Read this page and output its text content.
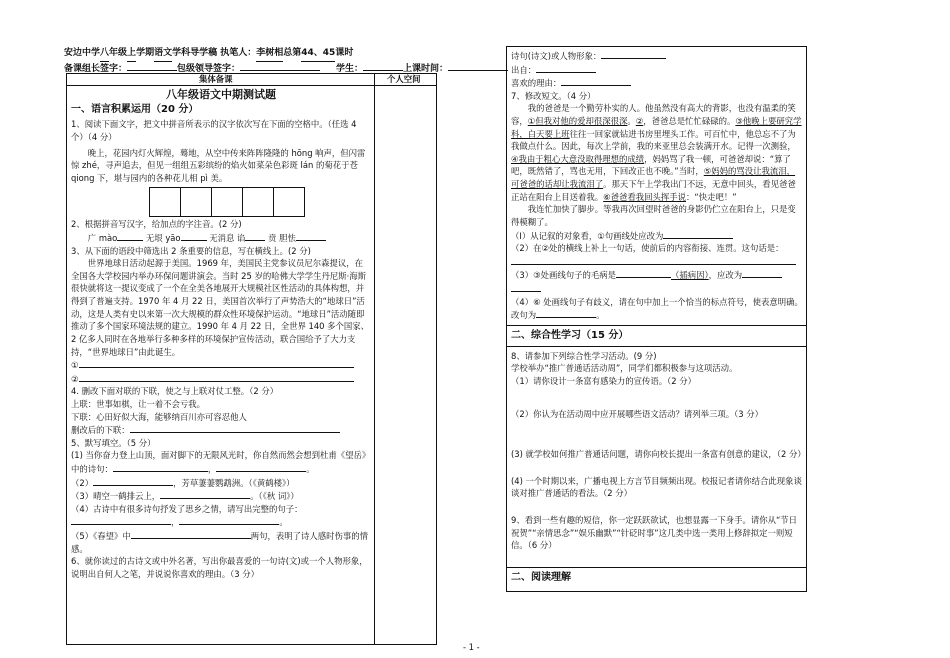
安边中学八年级上学期语文学科导学稿 执笔人：李树相总第44、45课时
备课组长签字：	包级领导签字：	学生：	上课时间：
集体备课	个人空间
八年级语文中期测试题
一、语言积累运用（20 分）

1、阅读下面文字，把文中拼音所表示的汉字依次写在下面的空格中。（任选 4 个）（4 分）

晚上，花园内灯火辉煌，蓦地，从空中传来阵阵隆隆的 hōng 响声，但闪雷惊 zhé，寻声追去，但见一组组五彩缤纷的焰火如菜朵色彩斑 lán 的菊花于苍 qiong 下，堪与园内的各种花儿相 pì 美。

2、根据拼音写汉字，给加点的字注音。(2 分)

广 mào	无垠 yāo	无消息 谄	贲 胆怯

3、从下面的语段中筛选出 2 条重要的信息，写在横线上。(2 分)

世界地球日活动起源于美国。1969 年，美国民主党参议员尼尔森提议，在全国各大学校园内举办环保问题讲演会。当时 25 岁的哈佛大学学生丹尼斯·海斯很快就将这一提议变成了一个在全美各地展开大规模社区性活动的具体构想，并得到了普遍支持。1970 年 4 月 22 日，美国首次举行了声势浩大的“地球日”活动，这是人类有史以来第一次大规模的群众性环境保护运动。“地球日”活动随即推动了多个国家环境法规的建立。1990 年 4 月 22 日，全世界 140 多个国家、2 亿多人同时在各地举行多种多样的环境保护宣传活动，联合国给予了大力支持，“世界地球日”由此诞生。

①

②

4. 删改下面对联的下联，使之与上联对仗工整。（2 分）

上联：世事如棋，让一着不会亏我。

下联：心田好似大海，能够纳百川亦可容忍他人

删改后的下联：

5、默写填空。（5 分）

(1) 当你奋力登上山顶，面对脚下的无限风光时，你自然而然会想到杜甫《望岳》中的诗句：	，	。

（2）	，芳草萋萋鹦鹉洲。（《黄鹤楼》）

（3）晴空一鹤排云上，	。（《秋 词》）

（4）古诗中有很多诗句抒发了思乡之情，请写出完整的句子：

，	。

（5）《春望》中	两句，表明了诗人感时伤事的情感。

6、就你读过的古诗文或中外名著，写出你最喜爱的一句诗(文)或一个人物形象，说明出自何人之笔，并说说你喜欢的理由。（3 分）

诗句(诗文)或人物形象：

出自：

喜欢的理由：

7、修改短文。（4 分）

我的爸爸是一个勤劳朴实的人。他虽然没有高大的背影，也没有温柔的笑容，①但我对他的爱却很深很深。②，爸爸总是忙忙碌碌的。③他晚上要研究学科，白天要上班往往一回家就钻进书房里埋头工作。可百忙中，他总忘不了为我做点什么。因此，每次上学前，我的来亚里总会装满开水。记得一次测验，④我由于粗心大意没取得理想的成绩，妈妈骂了我一顿，可爸爸却说：“算了吧，既然错了，骂也无用，下回改正也不晚。”当时，⑤妈妈的骂没让我流泪，可爸爸的话却让我流泪了。那天下午上学我出门不远，无意中回头，看见爸爸正站在阳台上目送着我。⑥爸爸看我回头挥手说：“快走吧！”

我连忙加快了脚步。等我再次回望时爸爸的身影仍伫立在阳台上，只是变得模糊了。

（Ⅰ）从记叙的对象看，①句画线处应改为

（2）在②处的横线上补上一句话，使前后的内容衔接、连贯。这句话是：

（3）③处画线句子的毛病是	（插病因），应改为

（4）⑥ 处画线句子有歧义，请在句中加上一个恰当的标点符号，使表意明确。改句为	。

二、综合性学习（15 分）

8、请参加下列综合性学习活动。(9 分)

学校举办“推广普通话活动周”，同学们都积极参与这项活动。

（1）请你设计一条富有感染力的宣传语。（2 分）

（2）你认为在活动周中应开展哪些语文活动？请列举三项。（3 分）

(3) 就学校如何推广普通话问题，请你向校长提出一条富有创意的建议，（2 分）

(4) 一个时期以来，广播电视上方言节目频频出现。校报记者请你结合此现象谈谈对推广普通话的看法。（2 分）

9、看到一些有趣的短信，你一定跃跃欲试，也想显露一下身手。请你从“节日祝贺”“亲情思念”“娱乐幽默”“针砭时事”这几类中选一类用上修辞拟定一则短信。（6 分）

二、阅读理解
- 1 -
